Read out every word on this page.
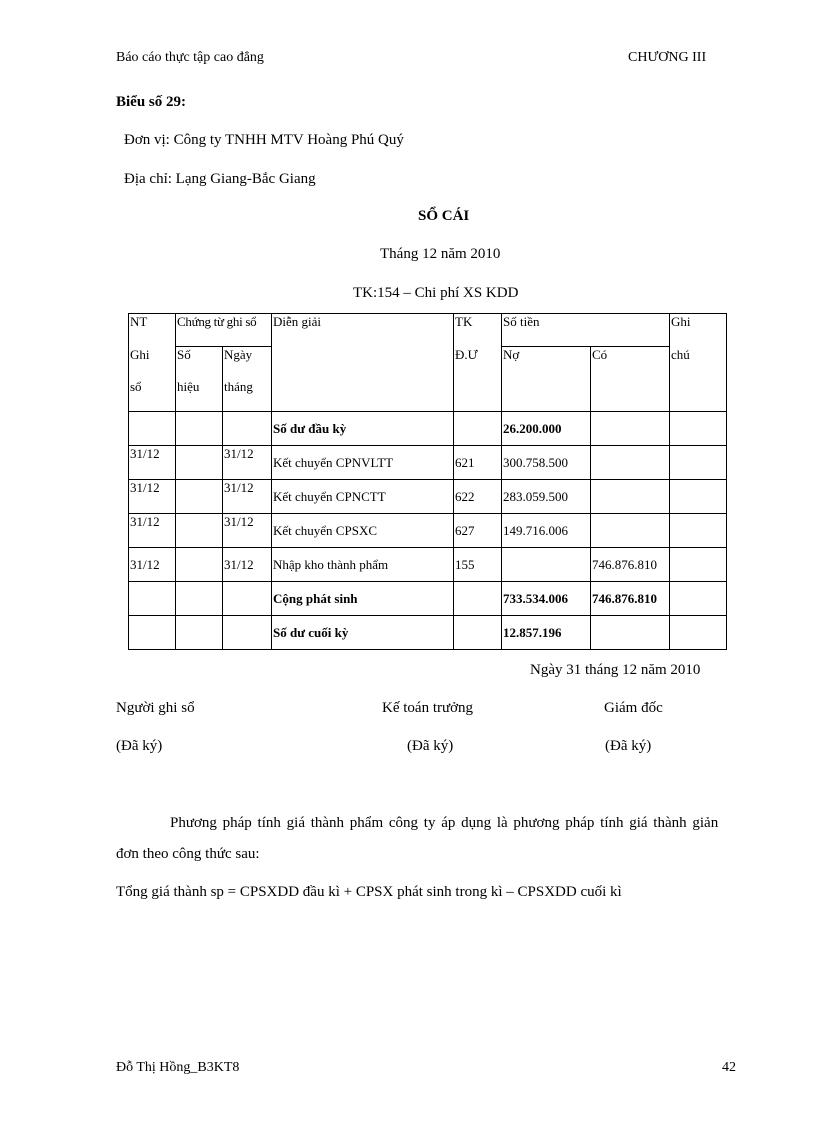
Báo cáo thực tập cao đẳng	CHƯƠNG III
Biểu số 29:
Đơn vị: Công ty TNHH MTV Hoàng Phú Quý
Địa chỉ: Lạng Giang-Bắc Giang
SỔ CÁI
Tháng 12 năm 2010
TK:154 – Chi phí XS KDD
NT	Chứng từ ghi sổ		Diễn giải	TK	Số tiền		Ghi
Ghi	Số	Ngày		Đ.Ư	Nợ	Có	chú
sổ	hiệu	tháng					
			Số dư đầu kỳ		26.200.000		
31/12		31/12	Kết chuyển CPNVLTT	621	300.758.500		
31/12		31/12	Kết chuyển CPNCTT	622	283.059.500		
31/12		31/12	Kết chuyển CPSXC	627	149.716.006		
31/12		31/12	Nhập kho thành phẩm	155		746.876.810	
			Cộng phát sinh		733.534.006	746.876.810	
			Số dư cuối kỳ		12.857.196		
Ngày 31 tháng 12 năm 2010
Người ghi sổ	Kế toán trưởng	Giám đốc
(Đã ký)	(Đã ký)	(Đã ký)
Phương pháp tính giá thành phẩm công ty áp dụng là phương pháp tính giá thành giản
đơn theo công thức sau:
Tổng giá thành sp = CPSXDD đầu kì + CPSX phát sinh trong kì – CPSXDD cuối kì
Đỗ Thị Hồng_B3KT8	42
